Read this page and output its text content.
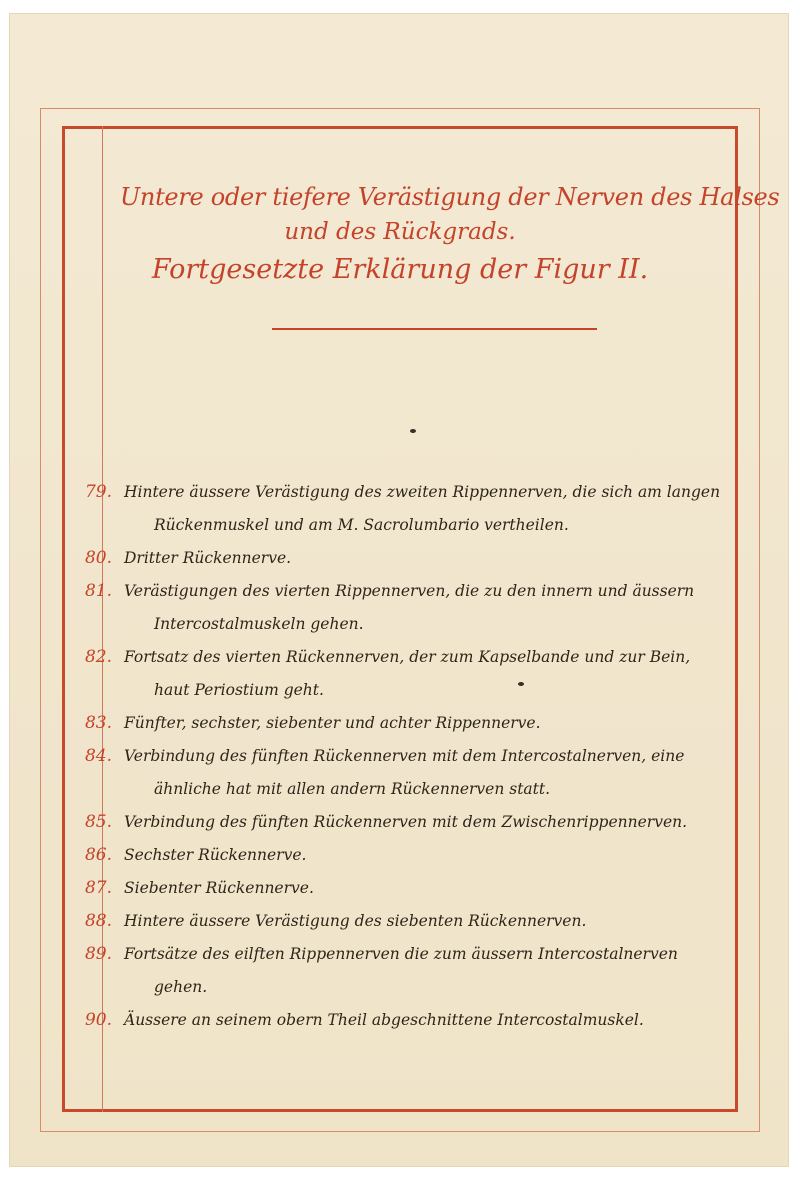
Untere oder tiefere Verästigung der Nerven des Halses
und des Rückgrads.
Fortgesetzte Erklärung der Figur II.
79. Hintere äussere Verästigung des zweiten Rippennerven, die sich am langen
Rückenmuskel und am M. Sacrolumbario vertheilen.
80. Dritter Rückennerve.
81. Verästigungen des vierten Rippennerven, die zu den innern und äussern
Intercostalmuskeln gehen.
82. Fortsatz des vierten Rückennerven, der zum Kapselbande und zur Bein,
haut Periostium geht.
83. Fünfter, sechster, siebenter und achter Rippennerve.
84. Verbindung des fünften Rückennerven mit dem Intercostalnerven, eine
ähnliche hat mit allen andern Rückennerven statt.
85. Verbindung des fünften Rückennerven mit dem Zwischenrippennerven.
86. Sechster Rückennerve.
87. Siebenter Rückennerve.
88. Hintere äussere Verästigung des siebenten Rückennerven.
89. Fortsätze des eilften Rippennerven die zum äussern Intercostalnerven
gehen.
90. Äussere an seinem obern Theil abgeschnittene Intercostalmuskel.
